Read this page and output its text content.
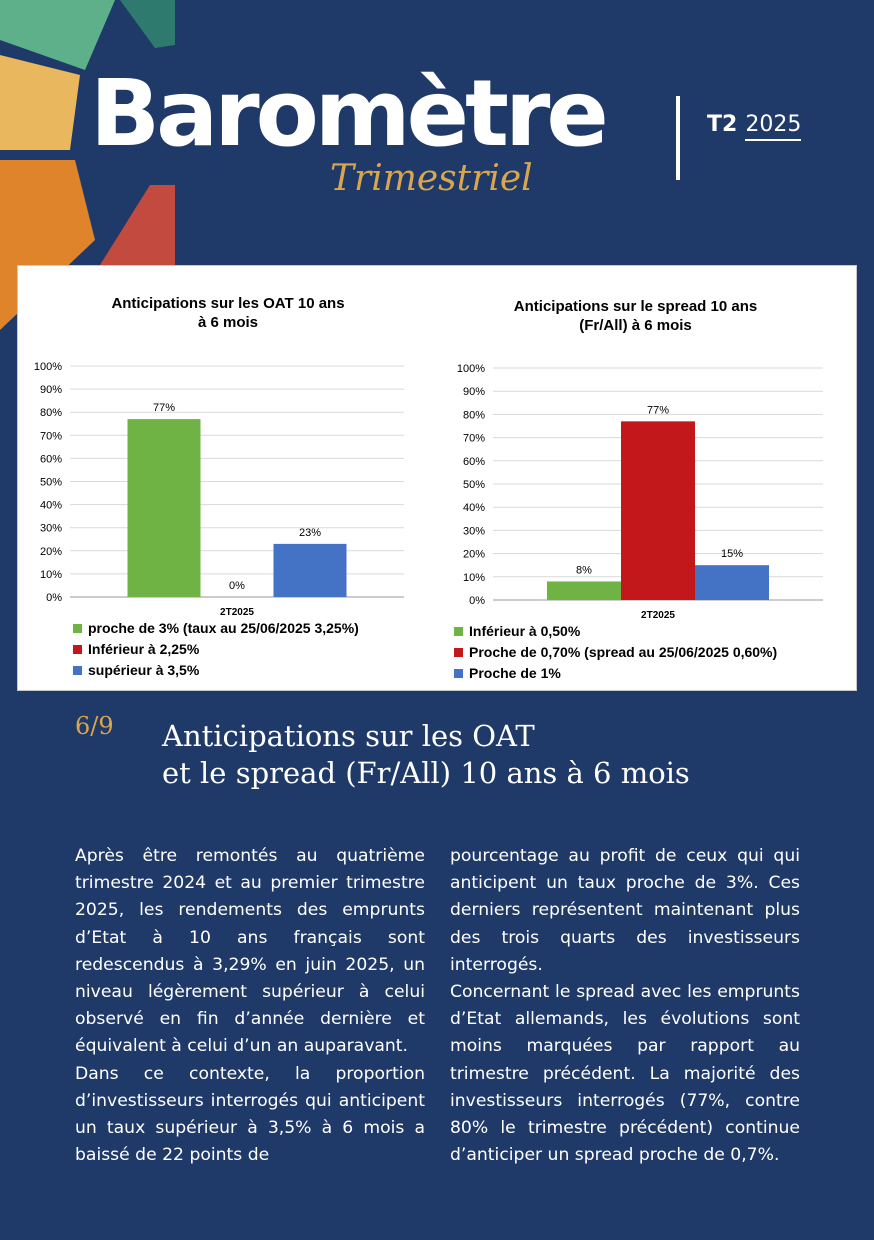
Baromètre
Trimestriel
T2 2025
Anticipations sur les OAT 10 ans
à 6 mois
0%
10%
20%
30%
40%
50%
60%
70%
80%
90%
100%
77%
0%
23%
2T2025
proche de 3% (taux au 25/06/2025 3,25%)
Inférieur à 2,25%
supérieur à 3,5%
Anticipations sur le spread 10 ans
(Fr/All) à 6 mois
0%
10%
20%
30%
40%
50%
60%
70%
80%
90%
100%
8%
77%
15%
2T2025
Inférieur à 0,50%
Proche de 0,70% (spread au 25/06/2025 0,60%)
Proche de 1%
6/9 Anticipations sur les OAT
et le spread (Fr/All) 10 ans à 6 mois

Après être remontés au quatrième trimestre 2024 et au premier trimestre 2025, les rendements des emprunts d’Etat à 10 ans français sont redescendus à 3,29% en juin 2025, un niveau légèrement supérieur à celui observé en fin d’année dernière et équivalent à celui d’un an auparavant.

Dans ce contexte, la proportion d’investisseurs interrogés qui anticipent un taux supérieur à 3,5% à 6 mois a baissé de 22 points de

pourcentage au profit de ceux qui qui anticipent un taux proche de 3%. Ces derniers représentent maintenant plus des trois quarts des investisseurs interrogés.

Concernant le spread avec les emprunts d’Etat allemands, les évolutions sont moins marquées par rapport au trimestre précédent. La majorité des investisseurs interrogés (77%, contre 80% le trimestre précédent) continue d’anticiper un spread proche de 0,7%.
